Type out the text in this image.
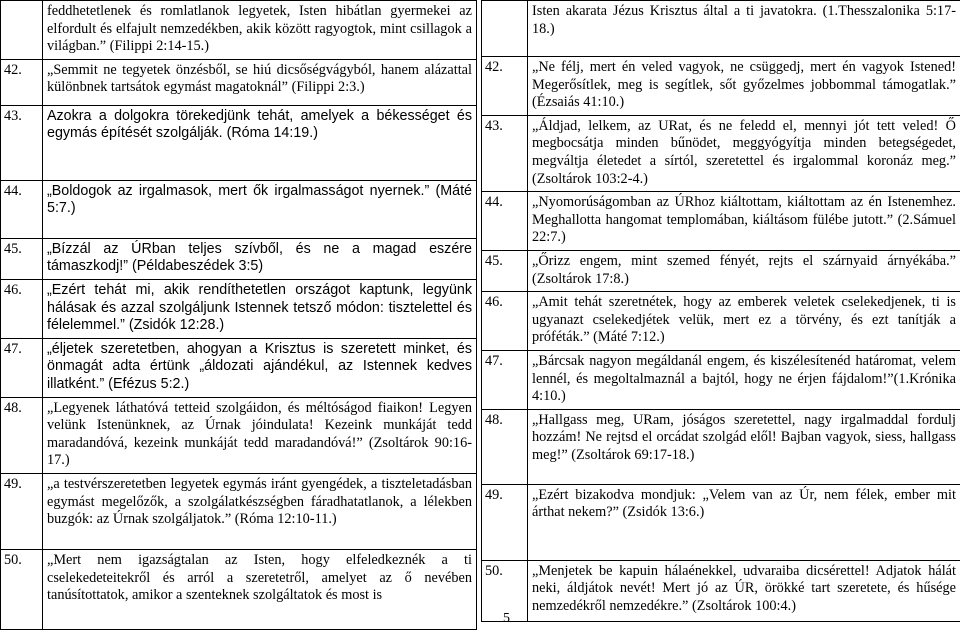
	feddhetetlenek és romlatlanok legyetek, Isten hibátlan gyermekei az elfordult és elfajult nemzedékben, akik között ragyogtok, mint csillagok a világban.” (Filippi 2:14-15.)
42.	„Semmit ne tegyetek önzésből, se hiú dicsőségvágyból, hanem alázattal különbnek tartsátok egymást magatoknál” (Filippi 2:3.)
43.	Azokra a dolgokra törekedjünk tehát, amelyek a békességet és egymás építését szolgálják. (Róma 14:19.)
44.	„Boldogok az irgalmasok, mert ők irgalmasságot nyernek.” (Máté 5:7.)
45.	„Bízzál az ÚRban teljes szívből, és ne a magad eszére támaszkodj!” (Példabeszédek 3:5)
46.	„Ezért tehát mi, akik rendíthetetlen országot kaptunk, legyünk hálásak és azzal szolgáljunk Istennek tetsző módon: tisztelettel és félelemmel.” (Zsidók 12:28.)
47.	„éljetek szeretetben, ahogyan a Krisztus is szeretett minket, és önmagát adta értünk „áldozati ajándékul, az Istennek kedves illatként.” (Efézus 5:2.)
48.	„Legyenek láthatóvá tetteid szolgáidon, és méltóságod fiaikon! Legyen velünk Istenünknek, az Úrnak jóindulata! Kezeink munkáját tedd maradandóvá, kezeink munkáját tedd maradandóvá!” (Zsoltárok 90:16-17.)
49.	„a testvérszeretetben legyetek egymás iránt gyengédek, a tiszteletadásban egymást megelőzők, a szolgálatkészségben fáradhatatlanok, a lélekben buzgók: az Úrnak szolgáljatok.” (Róma 12:10-11.)
50.	„Mert nem igazságtalan az Isten, hogy elfeledkeznék a ti cselekedeteitekről és arról a szeretetről, amelyet az ő nevében tanúsítottatok, amikor a szenteknek szolgáltatok és most is
	Isten akarata Jézus Krisztus által a ti javatokra. (1.Thesszalonika 5:17-18.)
42.	„Ne félj, mert én veled vagyok, ne csüggedj, mert én vagyok Istened! Megerősítlek, meg is segítlek, sőt győzelmes jobbommal támogatlak.” (Ézsaiás 41:10.)
43.	„Áldjad, lelkem, az URat, és ne feledd el, mennyi jót tett veled! Ő megbocsátja minden bűnödet, meggyógyítja minden betegségedet, megváltja életedet a sírtól, szeretettel és irgalommal koronáz meg.” (Zsoltárok 103:2-4.)
44.	„Nyomorúságomban az ÚRhoz kiáltottam, kiáltottam az én Istenemhez. Meghallotta hangomat templomában, kiáltásom fülébe jutott.” (2.Sámuel 22:7.)
45.	„Őrizz engem, mint szemed fényét, rejts el szárnyaid árnyékába.” (Zsoltárok 17:8.)
46.	„Amit tehát szeretnétek, hogy az emberek veletek cselekedjenek, ti is ugyanazt cselekedjétek velük, mert ez a törvény, és ezt tanítják a próféták.” (Máté 7:12.)
47.	„Bárcsak nagyon megáldanál engem, és kiszélesítenéd határomat, velem lennél, és megoltalmaznál a bajtól, hogy ne érjen fájdalom!”(1.Krónika 4:10.)
48.	„Hallgass meg, URam, jóságos szeretettel, nagy irgalmaddal fordulj hozzám! Ne rejtsd el orcádat szolgád elől! Bajban vagyok, siess, hallgass meg!” (Zsoltárok 69:17-18.)
49.	„Ezért bizakodva mondjuk: „Velem van az Úr, nem félek, ember mit árthat nekem?” (Zsidók 13:6.)
50.	„Menjetek be kapuin hálaénekkel, udvaraiba dicsérettel! Adjatok hálát neki, áldjátok nevét! Mert jó az ÚR, örökké tart szeretete, és hűsége nemzedékről nemzedékre.” (Zsoltárok 100:4.)
5
